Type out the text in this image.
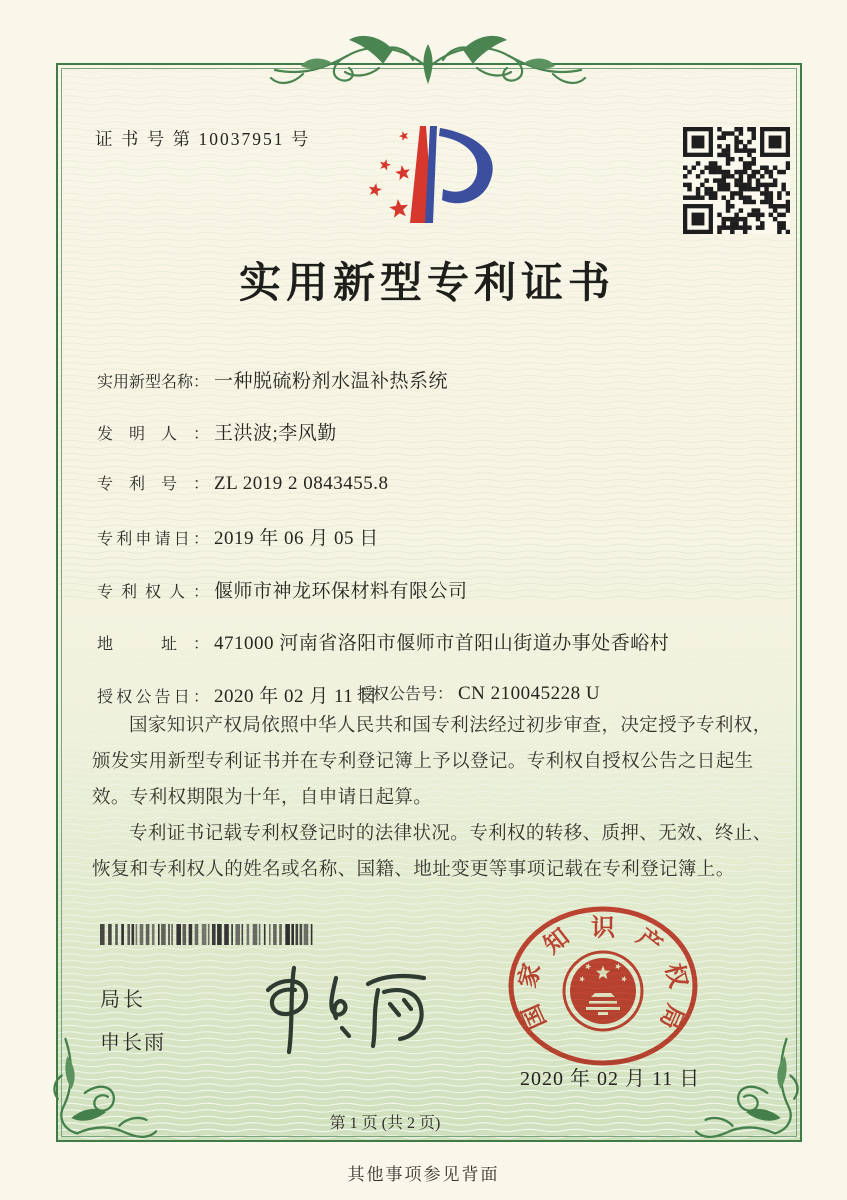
证 书 号 第 10037951 号
实用新型专利证书
实用新型名称： 一种脱硫粉剂水温补热系统
发明人： 王洪波;李风勤
专利号： ZL 2019 2 0843455.8
专利申请日： 2019 年 06 月 05 日
专利权人： 偃师市神龙环保材料有限公司
地　址： 471000 河南省洛阳市偃师市首阳山街道办事处香峪村
授权公告日： 2020 年 02 月 11 日
授权公告号： CN 210045228 U

国家知识产权局依照中华人民共和国专利法经过初步审查，决定授予专利权，颁发实用新型专利证书并在专利登记簿上予以登记。专利权自授权公告之日起生效。专利权期限为十年，自申请日起算。

专利证书记载专利权登记时的法律状况。专利权的转移、质押、无效、终止、恢复和专利权人的姓名或名称、国籍、地址变更等事项记载在专利登记簿上。

局长
申长雨
国
家
知 识 产
权
局
2020 年 02 月 11 日
第 1 页 (共 2 页)
其他事项参见背面
